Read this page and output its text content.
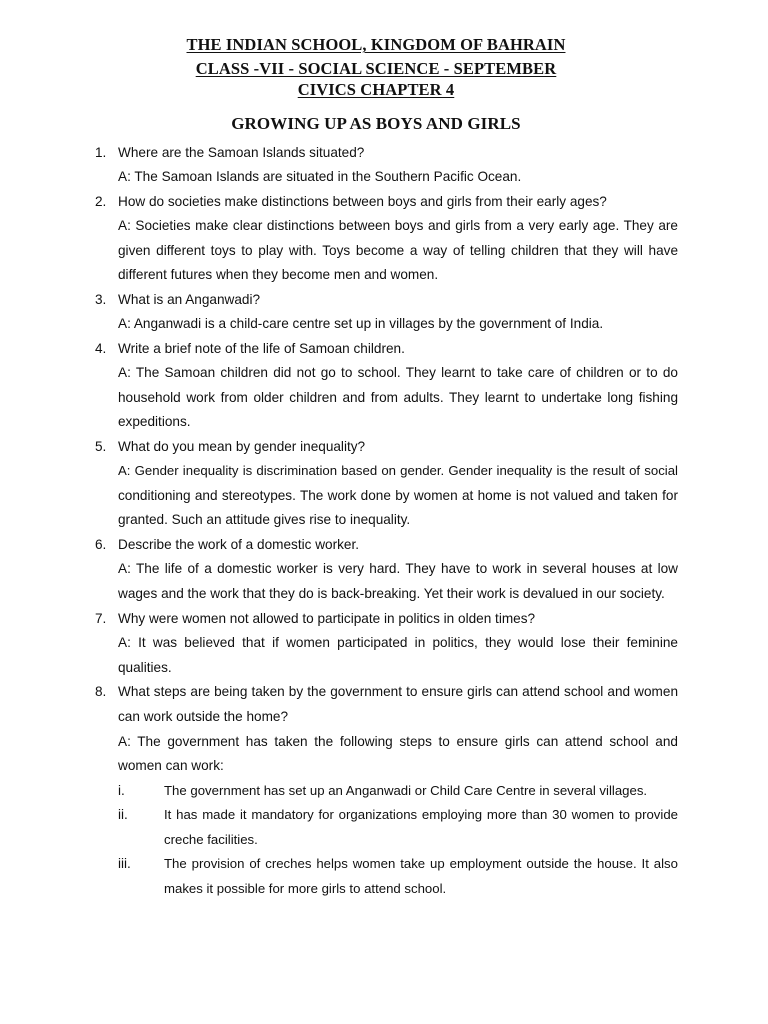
THE INDIAN SCHOOL, KINGDOM OF BAHRAIN
CLASS -VII - SOCIAL SCIENCE - SEPTEMBER
CIVICS CHAPTER 4
GROWING UP AS BOYS AND GIRLS
1. Where are the Samoan Islands situated?
A: The Samoan Islands are situated in the Southern Pacific Ocean.
2. How do societies make distinctions between boys and girls from their early ages?
A: Societies make clear distinctions between boys and girls from a very early age. They are
given different toys to play with. Toys become a way of telling children that they will have
different futures when they become men and women.
3. What is an Anganwadi?
A: Anganwadi is a child-care centre set up in villages by the government of India.
4. Write a brief note of the life of Samoan children.
A: The Samoan children did not go to school. They learnt to take care of children or to do
household work from older children and from adults. They learnt to undertake long fishing
expeditions.
5. What do you mean by gender inequality?
A: Gender inequality is discrimination based on gender. Gender inequality is the result of social
conditioning and stereotypes. The work done by women at home is not valued and taken for
granted. Such an attitude gives rise to inequality.
6. Describe the work of a domestic worker.
A: The life of a domestic worker is very hard. They have to work in several houses at low
wages and the work that they do is back-breaking. Yet their work is devalued in our society.
7. Why were women not allowed to participate in politics in olden times?
A: It was believed that if women participated in politics, they would lose their feminine
qualities.
8. What steps are being taken by the government to ensure girls can attend school and women
can work outside the home?
A: The government has taken the following steps to ensure girls can attend school and
women can work:
i.	The government has set up an Anganwadi or Child Care Centre in several villages.
ii.	It has made it mandatory for organizations employing more than 30 women to provide
creche facilities.
iii.	The provision of creches helps women take up employment outside the house. It also
makes it possible for more girls to attend school.
